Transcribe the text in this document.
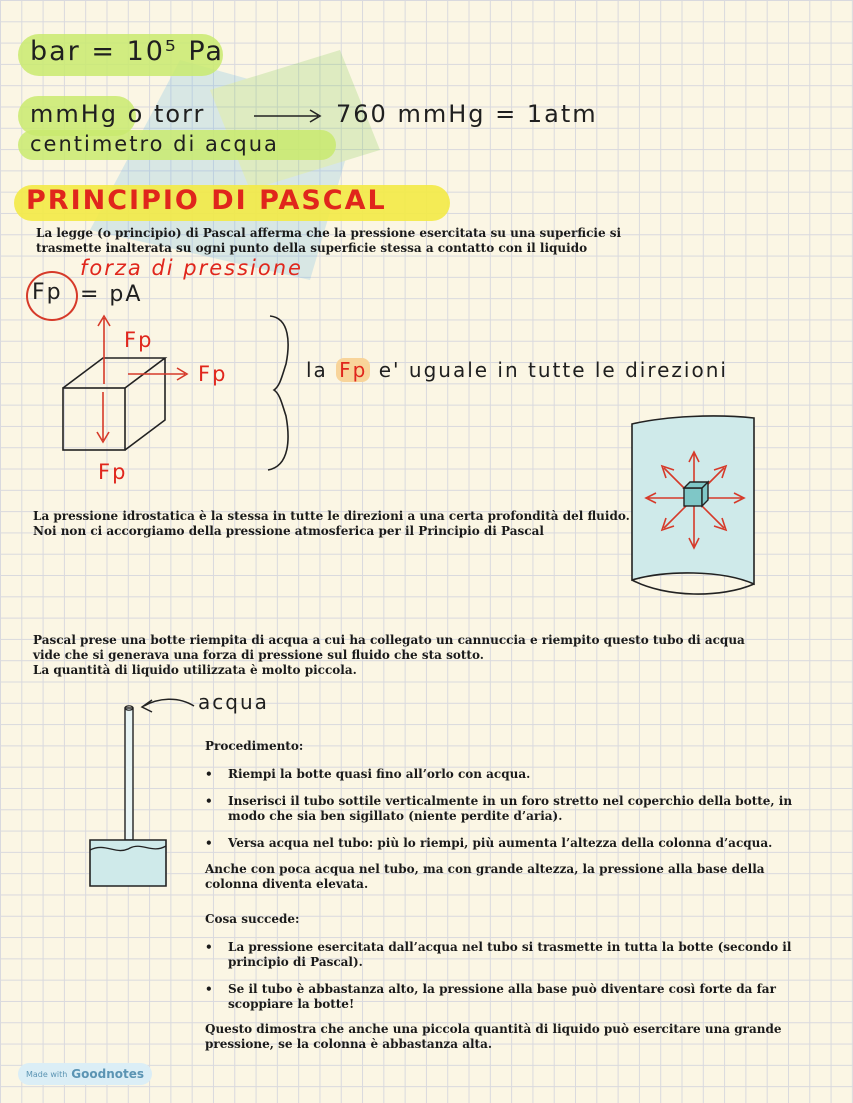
bar = 10⁵ Pa
mmHg o torr	760 mmHg = 1atm
centimetro di acqua
PRINCIPIO DI PASCAL
La legge (o principio) di Pascal afferma che la pressione esercitata su una superficie si trasmette inalterata su ogni punto della superficie stessa a contatto con il liquido
forza di pressione
Fp = pA
Fp
Fp
Fp
la Fp e' uguale in tutte le direzioni

La pressione idrostatica è la stessa in tutte le direzioni a una certa profondità del fluido.

Noi non ci accorgiamo della pressione atmosferica per il Principio di Pascal

Pascal prese una botte riempita di acqua a cui ha collegato un cannuccia e riempito questo tubo di acqua vide che si generava una forza di pressione sul fluido che sta sotto.

La quantità di liquido utilizzata è molto piccola.

acqua

Procedimento:

• Riempi la botte quasi fino all’orlo con acqua.
• Inserisci il tubo sottile verticalmente in un foro stretto nel coperchio della botte, in modo che sia ben sigillato (niente perdite d’aria).
• Versa acqua nel tubo: più lo riempi, più aumenta l’altezza della colonna d’acqua.

Anche con poca acqua nel tubo, ma con grande altezza, la pressione alla base della colonna diventa elevata.

Cosa succede:

• La pressione esercitata dall’acqua nel tubo si trasmette in tutta la botte (secondo il principio di Pascal).
• Se il tubo è abbastanza alto, la pressione alla base può diventare così forte da far scoppiare la botte!

Questo dimostra che anche una piccola quantità di liquido può esercitare una grande pressione, se la colonna è abbastanza alta.

Made with Goodnotes
